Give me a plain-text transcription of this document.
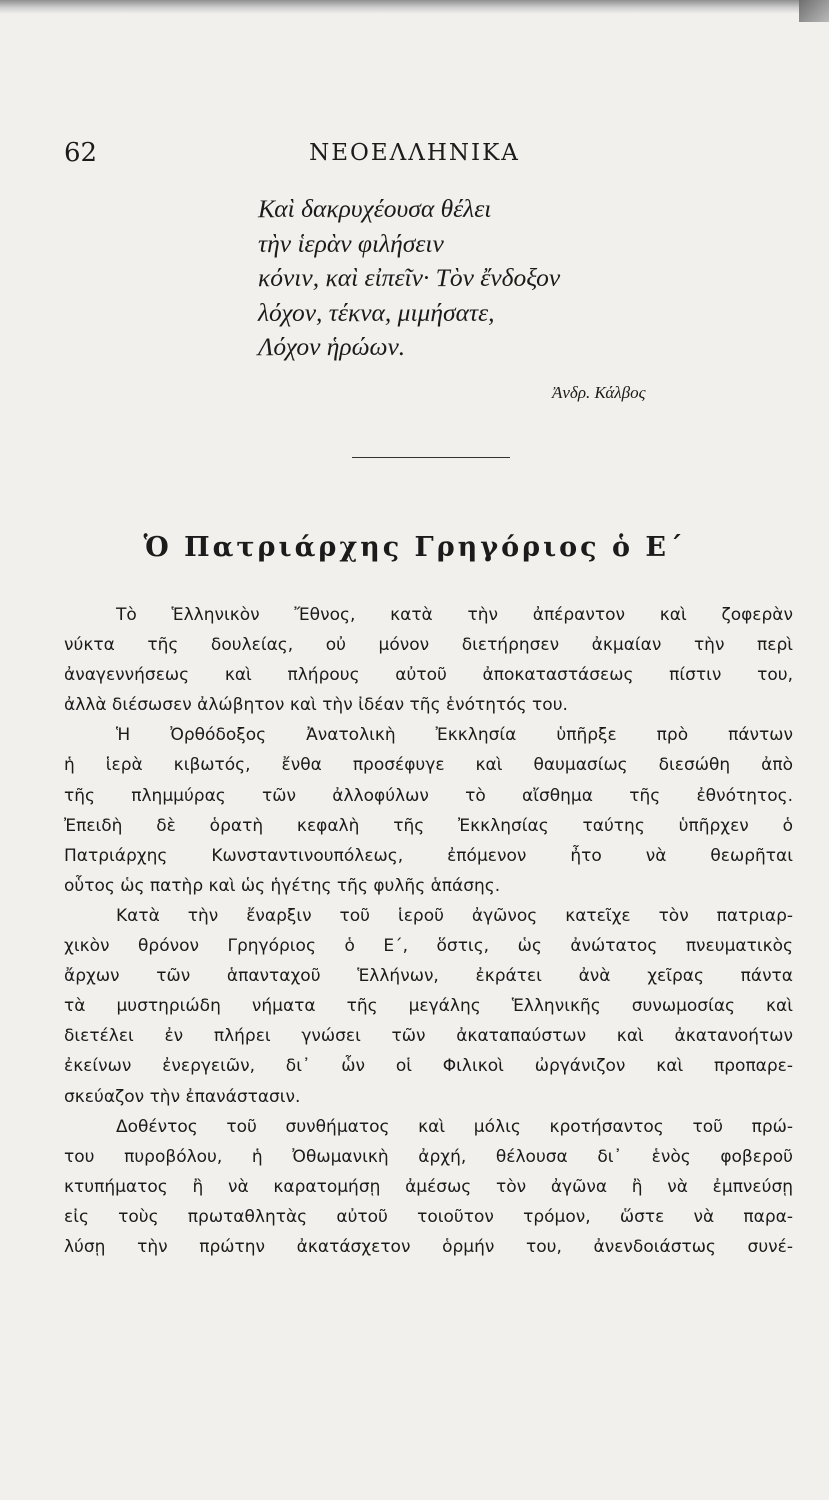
62	ΝΕΟΕΛΛΗΝΙΚΑ
Καὶ δακρυχέουσα θέλει
τὴν ἱερὰν φιλήσειν
κόνιν, καὶ εἰπεῖν· Τὸν ἔνδοξον
λόχον, τέκνα, μιμήσατε,
Λόχον ἡρώων.
Ἀνδρ. Κάλβος
Ὁ Πατριάρχης Γρηγόριος ὁ Ε΄
Τὸ Ἑλληνικὸν Ἔθνος, κατὰ τὴν ἀπέραντον καὶ ζοφερὰν
νύκτα τῆς δουλείας, οὐ μόνον διετήρησεν ἀκμαίαν τὴν περὶ
ἀναγεννήσεως καὶ πλήρους αὐτοῦ ἀποκαταστάσεως πίστιν του,
ἀλλὰ διέσωσεν ἀλώβητον καὶ τὴν ἰδέαν τῆς ἑνότητός του.
Ἡ Ὀρθόδοξος Ἀνατολικὴ Ἐκκλησία ὑπῆρξε πρὸ πάντων
ἡ ἱερὰ κιβωτός, ἔνθα προσέφυγε καὶ θαυμασίως διεσώθη ἀπὸ
τῆς πλημμύρας τῶν ἀλλοφύλων τὸ αἴσθημα τῆς ἐθνότητος.
Ἐπειδὴ δὲ ὁρατὴ κεφαλὴ τῆς Ἐκκλησίας ταύτης ὑπῆρχεν ὁ
Πατριάρχης Κωνσταντινουπόλεως, ἐπόμενον ἦτο νὰ θεωρῆται
οὗτος ὡς πατὴρ καὶ ὡς ἡγέτης τῆς φυλῆς ἁπάσης.
Κατὰ τὴν ἔναρξιν τοῦ ἱεροῦ ἀγῶνος κατεῖχε τὸν πατριαρ-
χικὸν θρόνον Γρηγόριος ὁ Ε΄, ὅστις, ὡς ἀνώτατος πνευματικὸς
ἄρχων τῶν ἁπανταχοῦ Ἑλλήνων, ἐκράτει ἀνὰ χεῖρας πάντα
τὰ μυστηριώδη νήματα τῆς μεγάλης Ἑλληνικῆς συνωμοσίας καὶ
διετέλει ἐν πλήρει γνώσει τῶν ἀκαταπαύστων καὶ ἀκατανοήτων
ἐκείνων ἐνεργειῶν, δι᾿ ὧν οἱ Φιλικοὶ ὠργάνιζον καὶ προπαρε-
σκεύαζον τὴν ἐπανάστασιν.
Δοθέντος τοῦ συνθήματος καὶ μόλις κροτήσαντος τοῦ πρώ-
του πυροβόλου, ἡ Ὀθωμανικὴ ἀρχή, θέλουσα δι᾿ ἑνὸς φοβεροῦ
κτυπήματος ἢ νὰ καρατομήσῃ ἀμέσως τὸν ἀγῶνα ἢ νὰ ἐμπνεύσῃ
εἰς τοὺς πρωταθλητὰς αὐτοῦ τοιοῦτον τρόμον, ὥστε νὰ παρα-
λύσῃ τὴν πρώτην ἀκατάσχετον ὁρμήν του, ἀνενδοιάστως συνέ-
